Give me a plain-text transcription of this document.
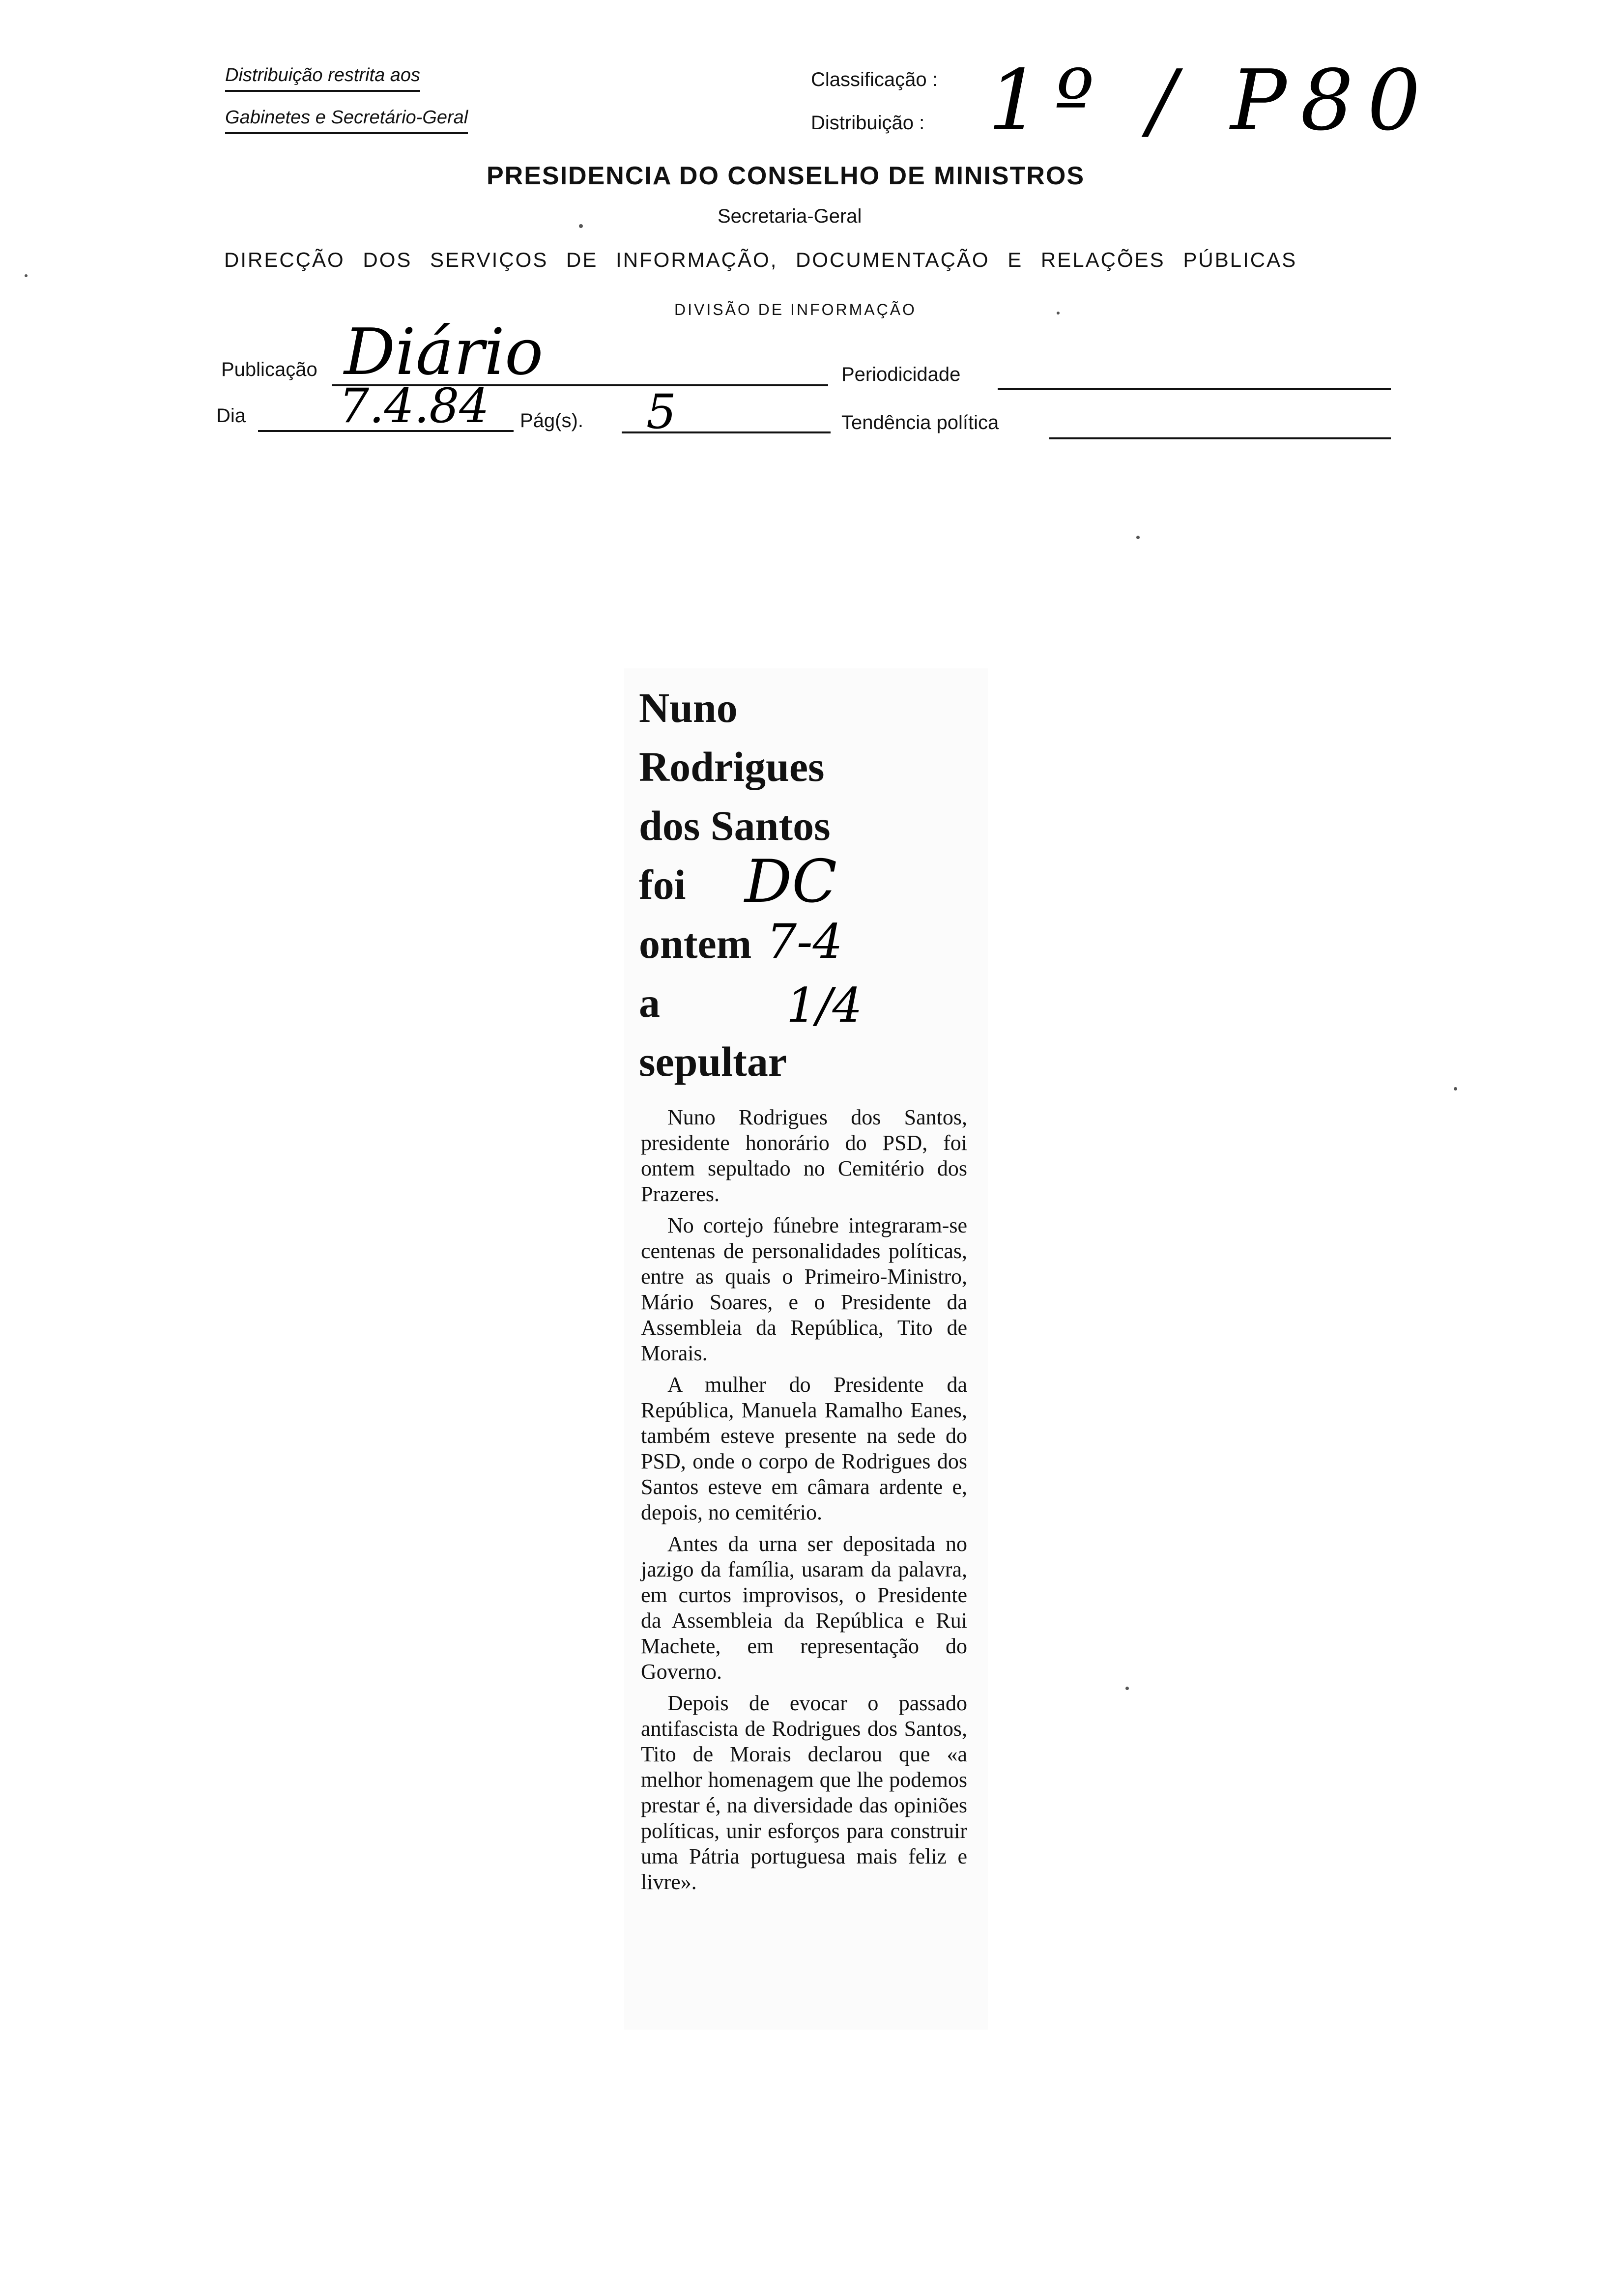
Distribuição restrita aos
Gabinetes e Secretário-Geral
Classificação :
Distribuição : 1º / P80
PRESIDENCIA DO CONSELHO DE MINISTROS
Secretaria-Geral
DIRECÇÃO DOS SERVIÇOS DE INFORMAÇÃO, DOCUMENTAÇÃO E RELAÇÕES PÚBLICAS
DIVISÃO DE INFORMAÇÃO
Publicação Diário	Periodicidade
Dia 7.4.84 Pág(s). 5	Tendência política
Nuno
Rodrigues
dos Santos
foi
ontem
a
sepultar
DC
7-4
1/4

Nuno Rodrigues dos Santos, presidente honorário do PSD, foi ontem sepultado no Cemitério dos Prazeres.

No cortejo fúnebre integraram-se centenas de personalidades políticas, entre as quais o Primeiro-Ministro, Mário Soares, e o Presidente da Assembleia da República, Tito de Morais.

A mulher do Presidente da República, Manuela Ramalho Eanes, também esteve presente na sede do PSD, onde o corpo de Rodrigues dos Santos esteve em câmara ardente e, depois, no cemitério.

Antes da urna ser depositada no jazigo da família, usaram da palavra, em curtos improvisos, o Presidente da Assembleia da República e Rui Machete, em representação do Governo.

Depois de evocar o passado antifascista de Rodrigues dos Santos, Tito de Morais declarou que «a melhor homenagem que lhe podemos prestar é, na diversidade das opiniões políticas, unir esforços para construir uma Pátria portuguesa mais feliz e livre».
